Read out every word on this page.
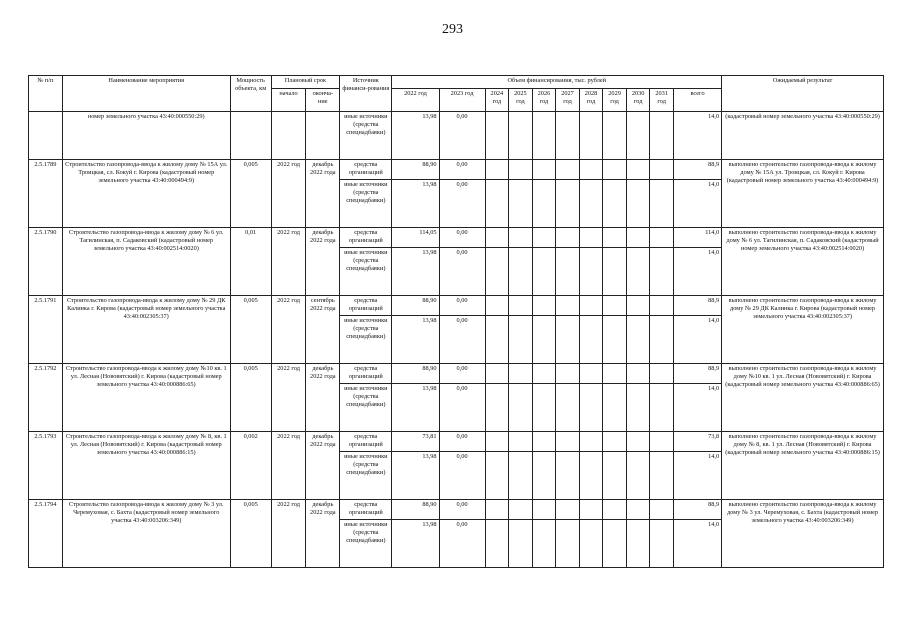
293
№ п/п	Наименование мероприятия	Мощность объекта, км	Плановый срок		Источник финанси-рования	Объем финансирования, тыс. рублей											Ожидаемый результат
			начало	оконча-ние		2022 год	2023 год	2024 год	2025 год	2026 год	2027 год	2028 год	2029 год	2030 год	2031 год	всего	
	номер земельного участка 43:40:000550:29)				иные источники (средства спецнадбавки)	13,98	0,00									14,0	(кадастровый номер земельного участка 43:40:000550:29)
2.5.1789	Строительство газопровода-ввода к жилому дому № 15А ул. Троицкая, сл. Кокуй г. Кирова (кадастровый номер земельного участка 43:40:000494:9)	0,005	2022 год	декабрь 2022 года	средства организаций	88,90	0,00									88,9	выполнено строительство газопровода-ввода к жилому дому № 15А ул. Троицкая, сл. Кокуй г. Кирова (кадастровый номер земельного участка 43:40:000494:9)
					иные источники (средства спецнадбавки)	13,98	0,00									14,0	
2.5.1790	Строительство газопровода-ввода к жилому дому № 6 ул. Тагилинская, п. Садаковский (кадастровый номер земельного участка 43:40:002514:0020)	0,01	2022 год	декабрь 2022 года	средства организаций	114,05	0,00									114,0	выполнено строительство газопровода-ввода к жилому дому № 6 ул. Тагилинская, п. Садаковский (кадастровый номер земельного участка 43:40:002514:0020)
					иные источники (средства спецнадбавки)	13,98	0,00									14,0	
2.5.1791	Строительство газопровода-ввода к жилому дому № 29 ДК Калинка г. Кирова (кадастровый номер земельного участка 43:40:002305:37)	0,005	2022 год	сентябрь 2022 года	средства организаций	88,90	0,00									88,9	выполнено строительство газопровода-ввода к жилому дому № 29 ДК Калинка г. Кирова (кадастровый номер земельного участка 43:40:002305:37)
					иные источники (средства спецнадбавки)	13,98	0,00									14,0	
2.5.1792	Строительство газопровода-ввода к жилому дому №10 кв. 1 ул. Лесная (Нововятский) г. Кирова (кадастровый номер земельного участка 43:40:000886:65)	0,005	2022 год	декабрь 2022 года	средства организаций	88,90	0,00									88,9	выполнено строительство газопровода-ввода к жилому дому №10 кв. 1 ул. Лесная (Нововятский) г. Кирова (кадастровый номер земельного участка 43:40:000886:65)
					иные источники (средства спецнадбавки)	13,98	0,00									14,0	
2.5.1793	Строительство газопровода-ввода к жилому дому № 8, кв. 1 ул. Лесная (Нововятский) г. Кирова (кадастровый номер земельного участка 43:40:000886:15)	0,002	2022 год	декабрь 2022 года	средства организаций	73,81	0,00									73,8	выполнено строительство газопровода-ввода к жилому дому № 8, кв. 1 ул. Лесная (Нововятский) г. Кирова (кадастровый номер земельного участка 43:40:000886:15)
					иные источники (средства спецнадбавки)	13,98	0,00									14,0	
2.5.1794	Строительство газопровода-ввода к жилому дому № 3 ул. Черемуховая, с. Бахта (кадастровый номер земельного участка 43:40:003206:349)	0,005	2022 год	декабрь 2022 года	средства организаций	88,90	0,00									88,9	выполнено строительство газопровода-ввода к жилому дому № 3 ул. Черемуховая, с. Бахта (кадастровый номер земельного участка 43:40:003206:349)
					иные источники (средства спецнадбавки)	13,98	0,00									14,0	
